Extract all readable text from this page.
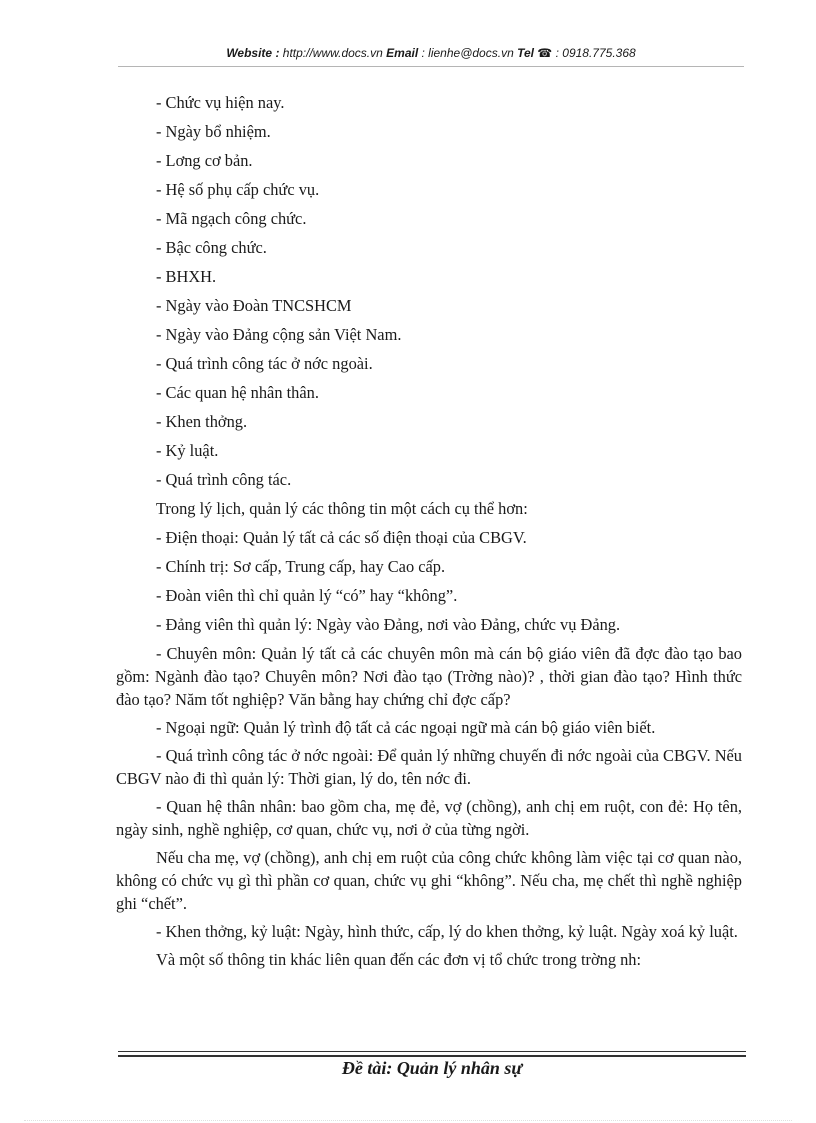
Website : http://www.docs.vn Email : lienhe@docs.vn Tel ☎ : 0918.775.368
- Chức vụ hiện nay.
- Ngày bổ nhiệm.
- Lơng cơ bản.
- Hệ số phụ cấp chức vụ.
- Mã ngạch công chức.
- Bậc công chức.
- BHXH.
- Ngày vào Đoàn TNCSHCM
- Ngày vào Đảng cộng sản Việt Nam.
- Quá trình công tác ở nớc ngoài.
- Các quan hệ nhân thân.
- Khen thởng.
- Kỷ luật.
- Quá trình công tác.
Trong lý lịch, quản lý các thông tin một cách cụ thể hơn:
- Điện thoại: Quản lý tất cả các số điện thoại của CBGV.
- Chính trị: Sơ cấp, Trung cấp, hay Cao cấp.
- Đoàn viên thì chỉ quản lý “có” hay “không”.
- Đảng viên thì quản lý: Ngày vào Đảng, nơi vào Đảng, chức vụ Đảng.
- Chuyên môn: Quản lý tất cả các chuyên môn mà cán bộ giáo viên đã đợc đào tạo bao gồm: Ngành đào tạo? Chuyên môn? Nơi đào tạo (Trờng nào)? , thời gian đào tạo? Hình thức đào tạo? Năm tốt nghiệp? Văn bằng hay chứng chỉ đợc cấp?
- Ngoại ngữ: Quản lý trình độ tất cả các ngoại ngữ mà cán bộ giáo viên biết.
- Quá trình công tác ở nớc ngoài: Để quản lý những chuyến đi nớc ngoài của CBGV. Nếu CBGV nào đi thì quản lý: Thời gian, lý do, tên nớc đi.
- Quan hệ thân nhân: bao gồm cha, mẹ đẻ, vợ (chồng), anh chị em ruột, con đẻ: Họ tên, ngày sinh, nghề nghiệp, cơ quan, chức vụ, nơi ở của từng ngời.
Nếu cha mẹ, vợ (chồng), anh chị em ruột của công chức không làm việc tại cơ quan nào, không có chức vụ gì thì phần cơ quan, chức vụ ghi “không”. Nếu cha, mẹ chết thì nghề nghiệp ghi “chết”.
- Khen thởng, kỷ luật: Ngày, hình thức, cấp, lý do khen thởng, kỷ luật. Ngày xoá kỷ luật.
Và một số thông tin khác liên quan đến các đơn vị tổ chức trong trờng nh:
Đề tài: Quản lý nhân sự
